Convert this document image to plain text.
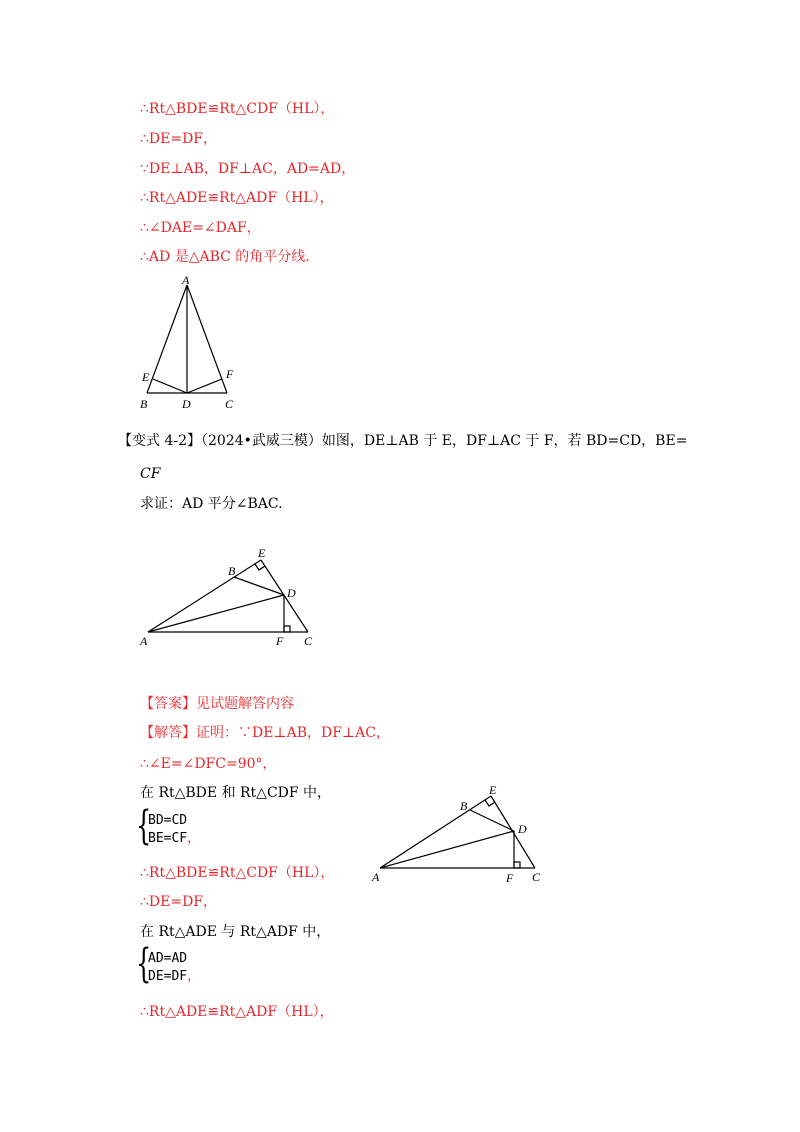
∴Rt△BDE≌Rt△CDF（HL），
∴DE=DF，
∵DE⊥AB，DF⊥AC，AD=AD，
∴Rt△ADE≌Rt△ADF（HL），
∴∠DAE=∠DAF，
∴AD 是△ABC 的角平分线.
A
E	F
B	D	C
【变式 4-2】（2024•武威三模）如图，DE⊥AB 于 E，DF⊥AC 于 F，若 BD=CD，BE=
CF
求证：AD 平分∠BAC.
E
B
D
A	F C
【答案】见试题解答内容
【解答】证明：∵DE⊥AB，DF⊥AC，
∴∠E=∠DFC=90°，
在 Rt△BDE 和 Rt△CDF 中，
{
BD=CD
BE=CF，
∴Rt△BDE≌Rt△CDF（HL），
∴DE=DF，
在 Rt△ADE 与 Rt△ADF 中，
{
AD=AD
DE=DF，
∴Rt△ADE≌Rt△ADF（HL），
E
B
D
A	F C
